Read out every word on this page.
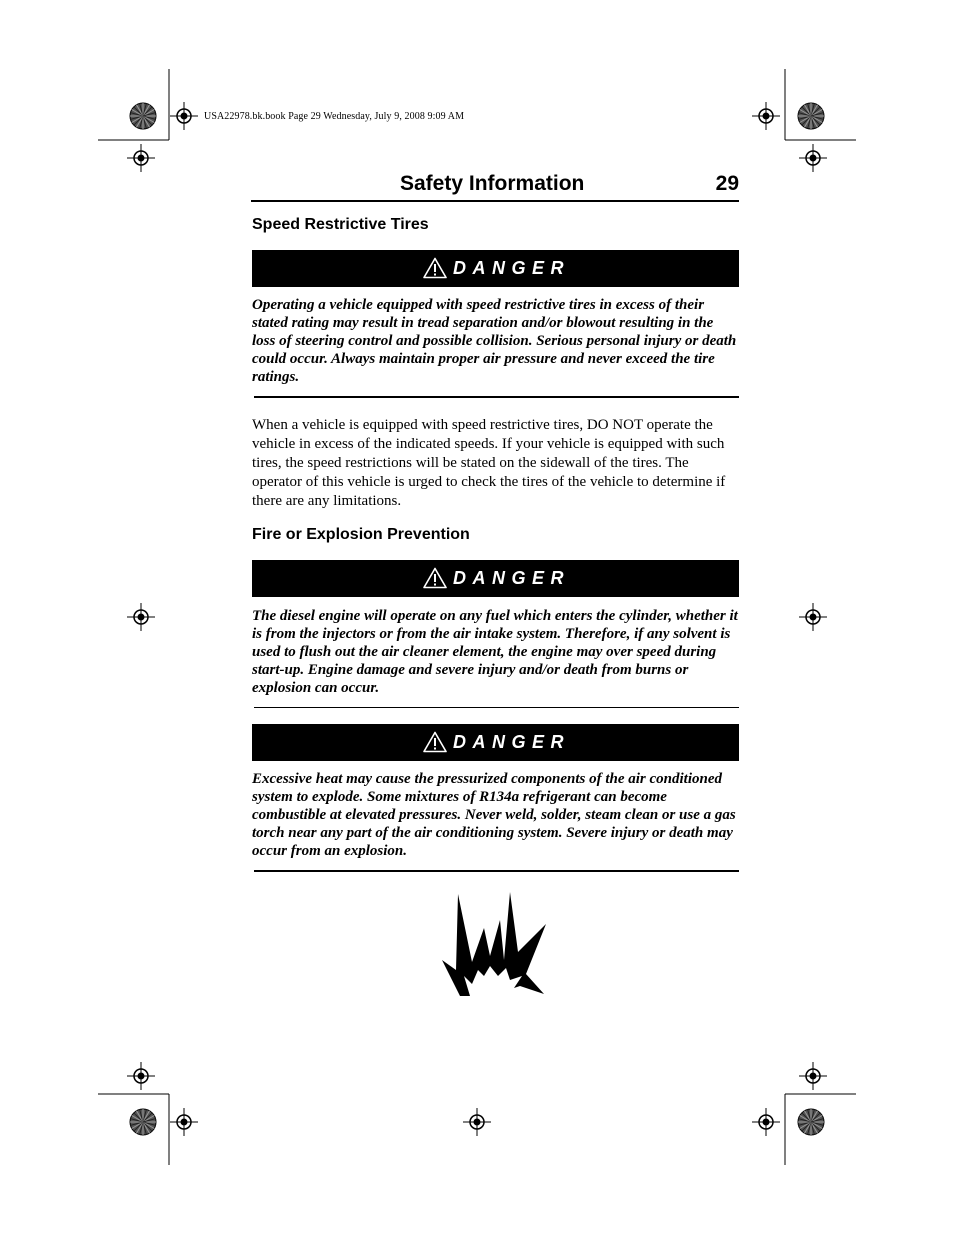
USA22978.bk.book Page 29 Wednesday, July 9, 2008 9:09 AM
Safety Information	29
Speed Restrictive Tires
DANGER

Operating a vehicle equipped with speed restrictive tires in excess of their stated rating may result in tread separation and/or blowout resulting in the loss of steering control and possible collision. Serious personal injury or death could occur. Always maintain proper air pressure and never exceed the tire ratings.

When a vehicle is equipped with speed restrictive tires, DO NOT operate the vehicle in excess of the indicated speeds. If your vehicle is equipped with such tires, the speed restrictions will be stated on the sidewall of the tires. The operator of this vehicle is urged to check the tires of the vehicle to determine if there are any limitations.

Fire or Explosion Prevention
DANGER

The diesel engine will operate on any fuel which enters the cylinder, whether it is from the injectors or from the air intake system. Therefore, if any solvent is used to flush out the air cleaner element, the engine may over speed during start-up. Engine damage and severe injury and/or death from burns or explosion can occur.

DANGER

Excessive heat may cause the pressurized components of the air conditioned system to explode. Some mixtures of R134a refrigerant can become combustible at elevated pressures. Never weld, solder, steam clean or use a gas torch near any part of the air conditioning system. Severe injury or death may occur from an explosion.
